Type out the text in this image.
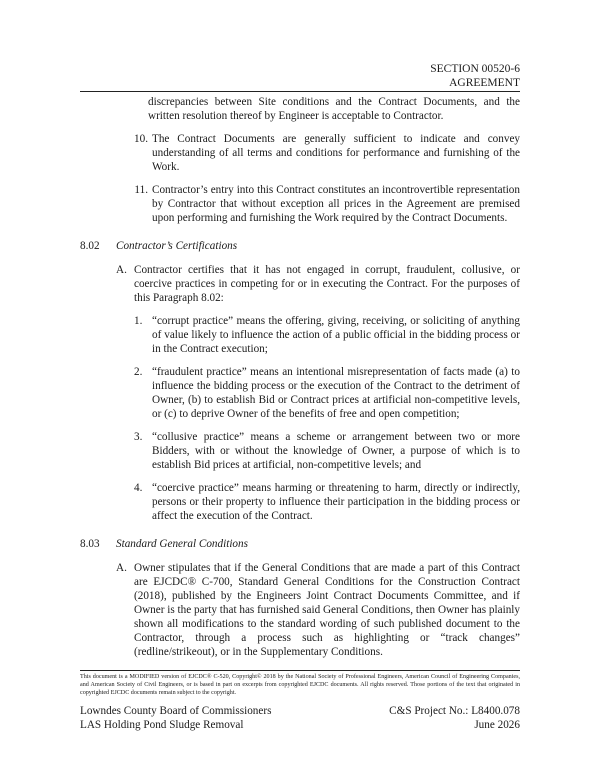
SECTION 00520-6
AGREEMENT
discrepancies between Site conditions and the Contract Documents, and the written resolution thereof by Engineer is acceptable to Contractor.
10. The Contract Documents are generally sufficient to indicate and convey understanding of all terms and conditions for performance and furnishing of the Work.
11. Contractor’s entry into this Contract constitutes an incontrovertible representation by Contractor that without exception all prices in the Agreement are premised upon performing and furnishing the Work required by the Contract Documents.
8.02	Contractor’s Certifications
A. Contractor certifies that it has not engaged in corrupt, fraudulent, collusive, or coercive practices in competing for or in executing the Contract. For the purposes of this Paragraph 8.02:
1. “corrupt practice” means the offering, giving, receiving, or soliciting of anything of value likely to influence the action of a public official in the bidding process or in the Contract execution;
2. “fraudulent practice” means an intentional misrepresentation of facts made (a) to influence the bidding process or the execution of the Contract to the detriment of Owner, (b) to establish Bid or Contract prices at artificial non-competitive levels, or (c) to deprive Owner of the benefits of free and open competition;
3. “collusive practice” means a scheme or arrangement between two or more Bidders, with or without the knowledge of Owner, a purpose of which is to establish Bid prices at artificial, non-competitive levels; and
4. “coercive practice” means harming or threatening to harm, directly or indirectly, persons or their property to influence their participation in the bidding process or affect the execution of the Contract.
8.03	Standard General Conditions
A. Owner stipulates that if the General Conditions that are made a part of this Contract are EJCDC® C-700, Standard General Conditions for the Construction Contract (2018), published by the Engineers Joint Contract Documents Committee, and if Owner is the party that has furnished said General Conditions, then Owner has plainly shown all modifications to the standard wording of such published document to the Contractor, through a process such as highlighting or “track changes” (redline/strikeout), or in the Supplementary Conditions.
This document is a MODIFIED version of EJCDC® C-520, Copyright© 2018 by the National Society of Professional Engineers, American Council of Engineering Companies, and American Society of Civil Engineers, or is based in part on excerpts from copyrighted EJCDC documents. All rights reserved. Those portions of the text that originated in copyrighted EJCDC documents remain subject to the copyright.
Lowndes County Board of Commissioners
LAS Holding Pond Sludge Removal
C&S Project No.: L8400.078
June 2026
